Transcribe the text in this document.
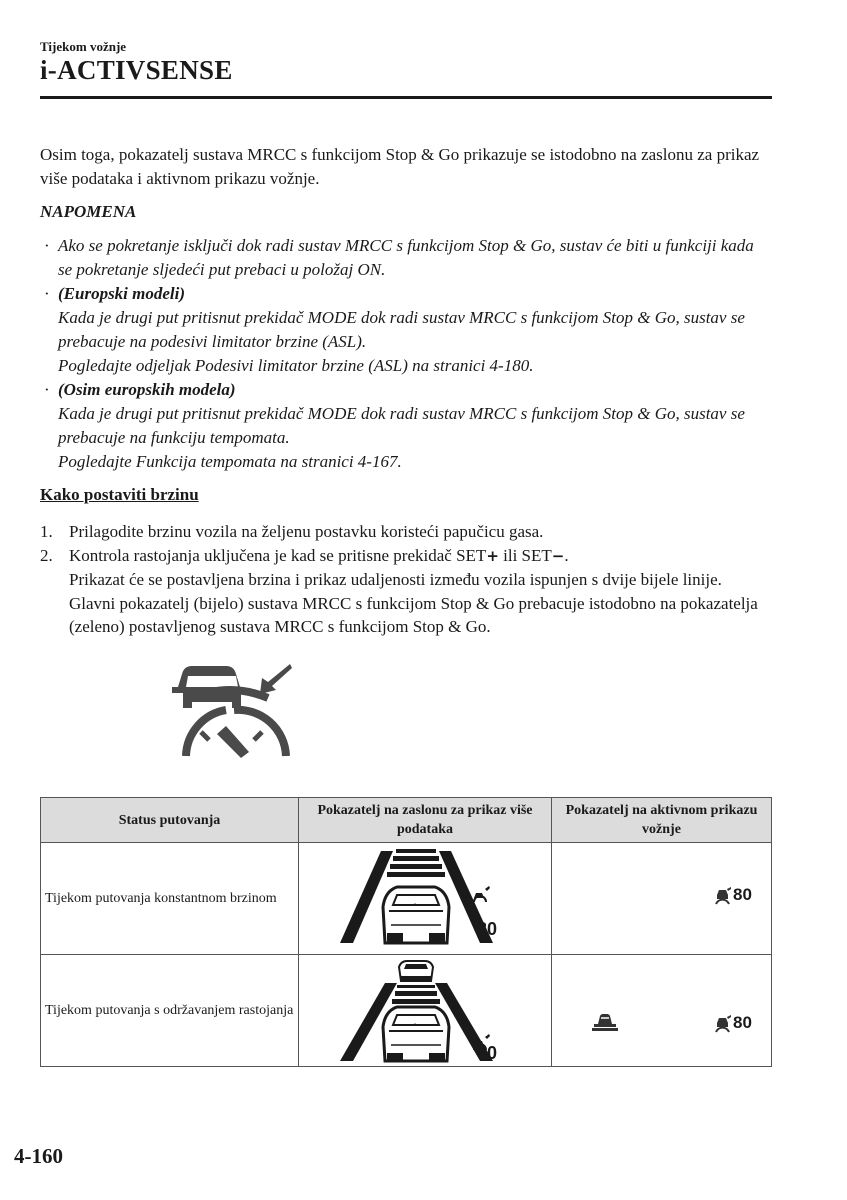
Tijekom vožnje
i-ACTIVSENSE
Osim toga, pokazatelj sustava MRCC s funkcijom Stop & Go prikazuje se istodobno na zaslonu za prikaz više podataka i aktivnom prikazu vožnje.
NAPOMENA
· Ako se pokretanje isključi dok radi sustav MRCC s funkcijom Stop & Go, sustav će biti u funkciji kada se pokretanje sljedeći put prebaci u položaj ON.
· (Europski modeli)
Kada je drugi put pritisnut prekidač MODE dok radi sustav MRCC s funkcijom Stop & Go, sustav se prebacuje na podesivi limitator brzine (ASL).
Pogledajte odjeljak Podesivi limitator brzine (ASL) na stranici 4-180.
· (Osim europskih modela)
Kada je drugi put pritisnut prekidač MODE dok radi sustav MRCC s funkcijom Stop & Go, sustav se prebacuje na funkciju tempomata.
Pogledajte Funkcija tempomata na stranici 4-167.
Kako postaviti brzinu
1. Prilagodite brzinu vozila na željenu postavku koristeći papučicu gasa.
2. Kontrola rastojanja uključena je kad se pritisne prekidač SET+ ili SET−.
Prikazat će se postavljena brzina i prikaz udaljenosti između vozila ispunjen s dvije bijele linije. Glavni pokazatelj (bijelo) sustava MRCC s funkcijom Stop & Go prebacuje istodobno na pokazatelja (zeleno) postavljenog sustava MRCC s funkcijom Stop & Go.
Status putovanja	Pokazatelj na zaslonu za prikaz više podataka	Pokazatelj na aktivnom prikazu vožnje
Tijekom putovanja konstantnom brzinom	80	80

Tijekom putovanja s održavanjem rastojanja	80	80
4-160
